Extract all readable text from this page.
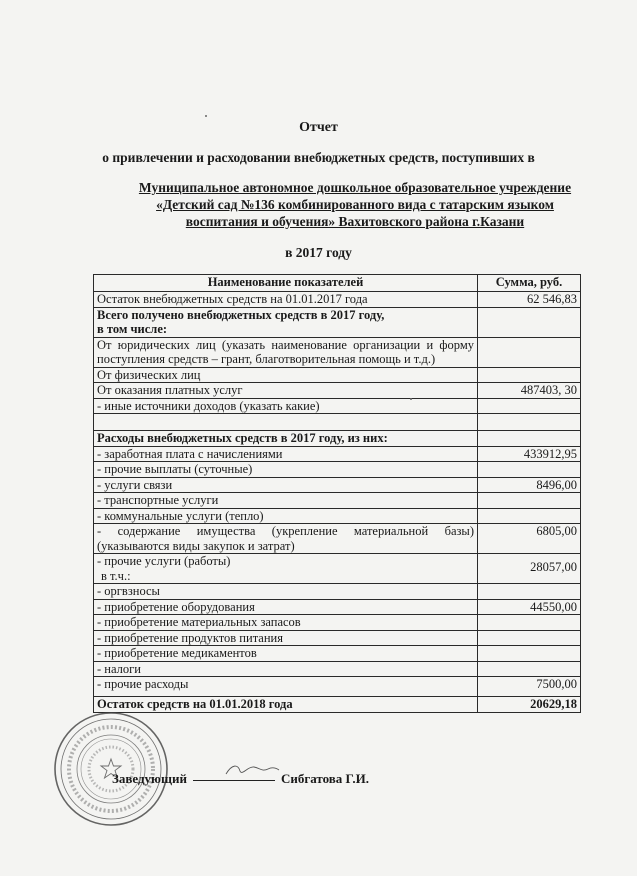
Отчет
о привлечении и расходовании внебюджетных средств, поступивших в
Муниципальное автономное дошкольное образовательное учреждение
«Детский сад №136 комбинированного вида с татарским языком
воспитания и обучения» Вахитовского района г.Казани
в 2017 году
Наименование показателей	Сумма, руб.
Остаток внебюджетных средств на 01.01.2017 года	62 546,83

Всего получено внебюджетных средств в 2017 году,
в том числе:	

От юридических лиц (указать наименование организации и форму поступления средств – грант, благотворительная помощь и т.д.)	
От физических лиц	
От оказания платных услуг	487403, 30
- иные источники доходов (указать какие)	

Расходы внебюджетных средств в 2017 году, из них:	
- заработная плата с начислениями	433912,95
- прочие выплаты (суточные)	
- услуги связи	8496,00
- транспортные услуги	
- коммунальные услуги (тепло)	
- содержание имущества (укрепление материальной базы) (указываются виды закупок и затрат)	6805,00

- прочие услуги (работы)
в т.ч.:	28057,00
- оргвзносы	
- приобретение оборудования	44550,00
- приобретение материальных запасов	
- приобретение продуктов питания	
- приобретение медикаментов	
- налоги	
- прочие расходы	7500,00
Остаток средств на 01.01.2018 года	20629,18
Заведующий	Сибгатова Г.И.
